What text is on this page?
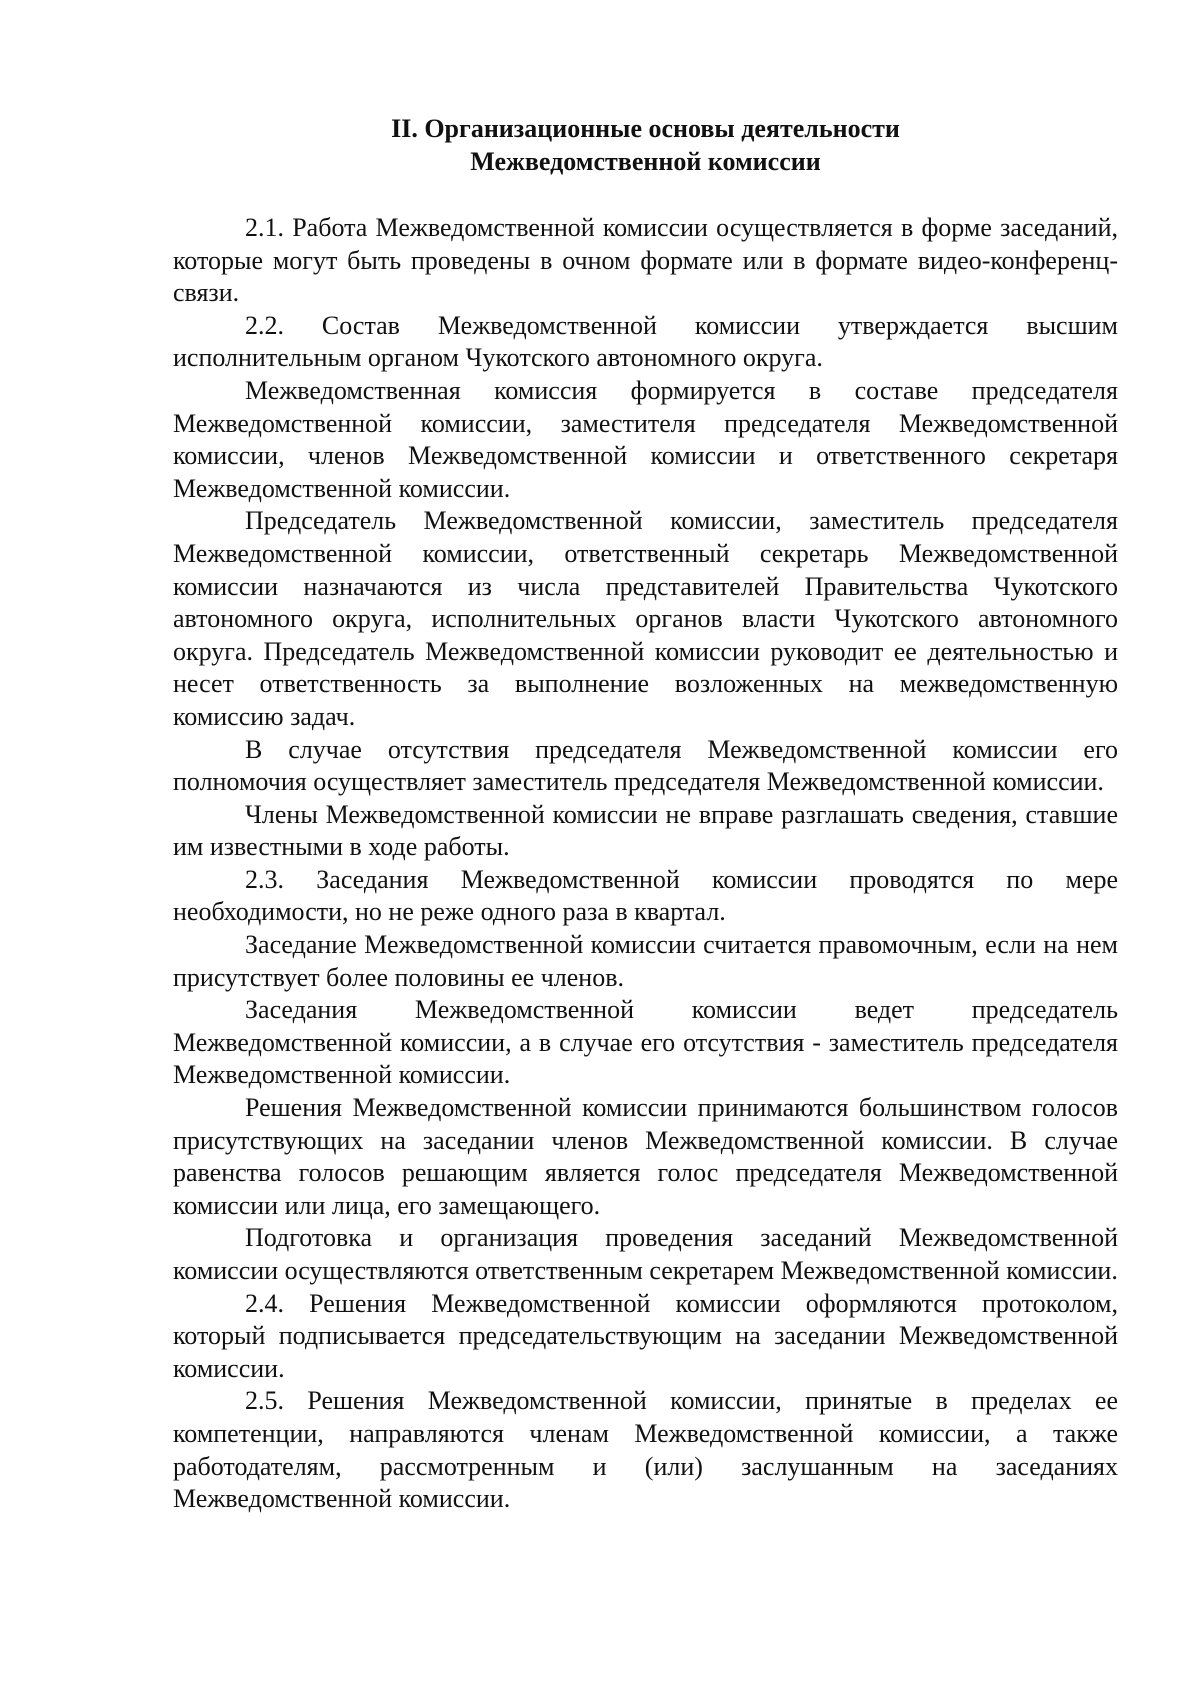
II. Организационные основы деятельности
Межведомственной комиссии

2.1. Работа Межведомственной комиссии осуществляется в форме заседаний, которые могут быть проведены в очном формате или в формате видео-конференц-связи.

2.2. Состав Межведомственной комиссии утверждается высшим исполнительным органом Чукотского автономного округа.

Межведомственная комиссия формируется в составе председателя Межведомственной комиссии, заместителя председателя Межведомственной комиссии, членов Межведомственной комиссии и ответственного секретаря Межведомственной комиссии.

Председатель Межведомственной комиссии, заместитель председателя Межведомственной комиссии, ответственный секретарь Межведомственной комиссии назначаются из числа представителей Правительства Чукотского автономного округа, исполнительных органов власти Чукотского автономного округа. Председатель Межведомственной комиссии руководит ее деятельностью и несет ответственность за выполнение возложенных на межведомственную комиссию задач.

В случае отсутствия председателя Межведомственной комиссии его полномочия осуществляет заместитель председателя Межведомственной комиссии.

Члены Межведомственной комиссии не вправе разглашать сведения, ставшие им известными в ходе работы.

2.3. Заседания Межведомственной комиссии проводятся по мере необходимости, но не реже одного раза в квартал.

Заседание Межведомственной комиссии считается правомочным, если на нем присутствует более половины ее членов.

Заседания Межведомственной комиссии ведет председатель Межведомственной комиссии, а в случае его отсутствия - заместитель председателя Межведомственной комиссии.

Решения Межведомственной комиссии принимаются большинством голосов присутствующих на заседании членов Межведомственной комиссии. В случае равенства голосов решающим является голос председателя Межведомственной комиссии или лица, его замещающего.

Подготовка и организация проведения заседаний Межведомственной комиссии осуществляются ответственным секретарем Межведомственной комиссии.

2.4. Решения Межведомственной комиссии оформляются протоколом, который подписывается председательствующим на заседании Межведомственной комиссии.

2.5. Решения Межведомственной комиссии, принятые в пределах ее компетенции, направляются членам Межведомственной комиссии, а также работодателям, рассмотренным и (или) заслушанным на заседаниях Межведомственной комиссии.
